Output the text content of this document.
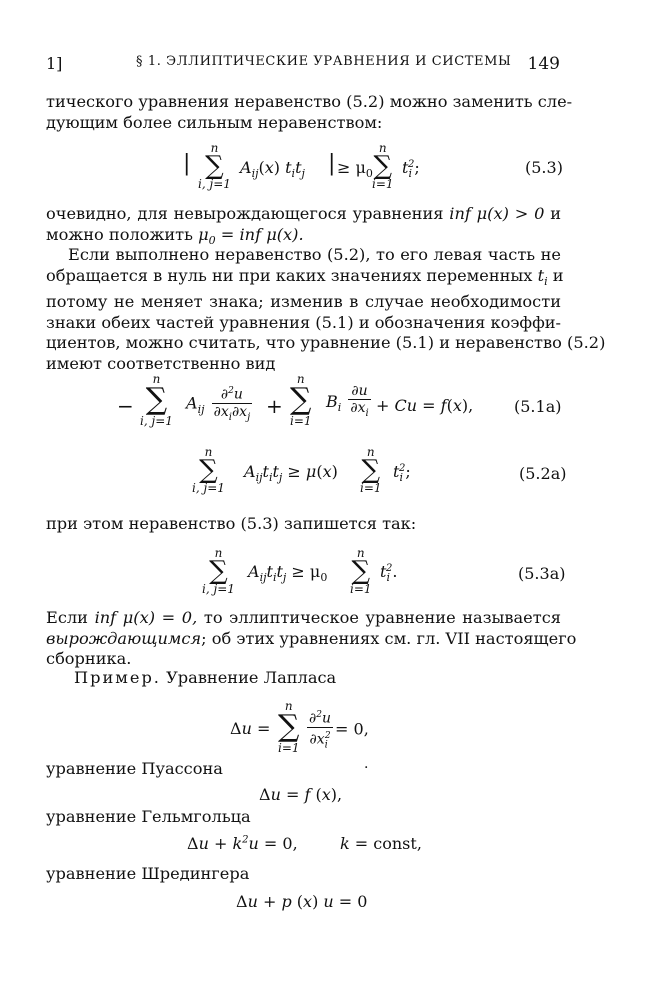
1]	§ 1. ЭЛЛИПТИЧЕСКИЕ УРАВНЕНИЯ И СИСТЕМЫ 149
тического уравнения неравенство (5.2) можно заменить сле-
дующим более сильным неравенством:
|
n
∑
i, j=1
$A_{ij}(x)$ $t_it_j$ | ≥ $\mu_0$
n
∑
i=1
$t_i^2$;	(5.3)
очевидно, для невырождающегося уравнения inf μ(x) > 0 и
можно положить $\mu_0$ = inf μ(x).
Если выполнено неравенство (5.2), то его левая часть не
обращается в нуль ни при каких значениях переменных $t_i$ и
потому не меняет знака; изменив в случае необходимости
знаки обеих частей уравнения (5.1) и обозначения коэффи-
циентов, можно считать, что уравнение (5.1) и неравенство (5.2)
имеют соответственно вид
−
n
∑
i, j=1
$A_{ij} \frac{\partial^2u}{\partial x_i\partial x_j}$ +
n
∑
i=1
$B_i \frac{\partial u}{\partial x_i} + Cu = f(x)$,	(5.1a)
n
∑
i, j=1
$A_{ij}t_it_j \ge \mu(x)$
n
∑
i=1
$t_i^2$;	(5.2a)
при этом неравенство (5.3) запишется так:
n
∑
i, j=1
$A_{ij}t_it_j \ge \mu_0$
n
∑
i=1
$t_i^2$.	(5.3a)
Если inf μ(x) = 0, то эллиптическое уравнение называется
вырождающимся; об этих уравнениях см. гл. VII настоящего
сборника.
Пример. Уравнение Лапласа
Δu =
n
∑
$i=1 \frac{\partial^2u}{\partial x_i^2} = 0$,
уравнение Пуассона	·
Δu = f (x),
уравнение Гельмгольца
$\Delta u + k^2u = 0$,	k = const,
уравнение Шредингера
Δu + p (x) u = 0
